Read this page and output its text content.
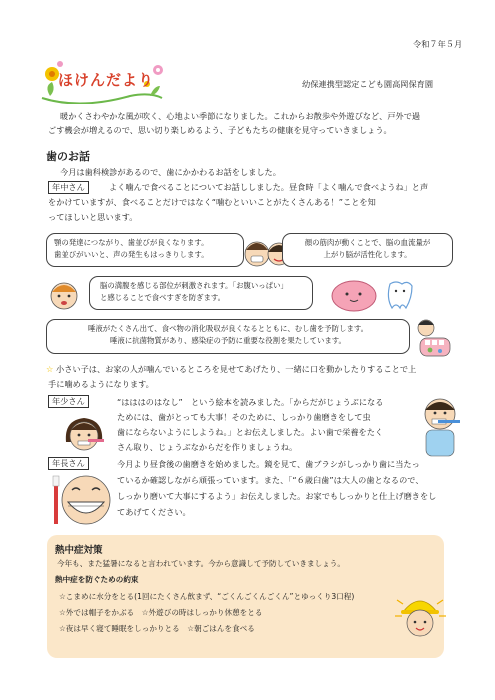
令和７年５月
ほけんだより	幼保連携型認定こども園高岡保育園
暖かくさわやかな風が吹く、心地よい季節になりました。これからお散歩や外遊びなど、戸外で過
ごす機会が増えるので、思い切り楽しめるよう、子どもたちの健康を見守っていきましょう。
歯のお話
今月は歯科検診があるので、歯にかかわるお話をしました。
年中さん	よく噛んで食べることについてお話ししました。昼食時「よく噛んで食べようね」と声
をかけていますが、食べることだけではなく“噛むといいことがたくさんある！”ことを知
ってほしいと思います。
顎の発達につながり、歯並びが良くなります。
歯並びがいいと、声の発生もはっきりします。
顔の筋肉が動くことで、脳の血流量が
上がり脳が活性化します。
脳の満腹を感じる部位が刺激されます。「お腹いっぱい」
と感じることで食べすぎを防ぎます。
唾液がたくさん出て、食べ物の消化吸収が良くなるとともに、むし歯を予防します。
唾液に抗菌物質があり、感染症の予防に重要な役割を果たしています。
☆ 小さい子は、お家の人が噛んでいるところを見せてあげたり、一緒に口を動かしたりすることで上
手に噛めるようになります。
年少さん	“はははのはなし”　という絵本を読みました。「からだがじょうぶになる
ためには、歯がとっても大事！そのために、しっかり歯磨きをして虫
歯にならないようにしようね。」とお伝えしました。よい歯で栄養をたく
さん取り、じょうぶなからだを作りましょうね。
年長さん	今月より昼食後の歯磨きを始めました。鏡を見て、歯ブラシがしっかり歯に当たっ
ているか確認しながら頑張っています。また、「“６歳臼歯”は大人の歯となるので、
しっかり磨いて大事にするよう」お伝えしました。お家でもしっかりと仕上げ磨きをし
てあげてください。
熱中症対策
今年も、また猛暑になると言われています。今から意識して予防していきましょう。
熱中症を防ぐための約束
☆こまめに水分をとる(1回にたくさん飲まず、“ごくんごくんごくん”とゆっくり3口程)
☆外では帽子をかぶる　☆外遊びの時はしっかり休憩をとる
☆夜は早く寝て睡眠をしっかりとる　☆朝ごはんを食べる
